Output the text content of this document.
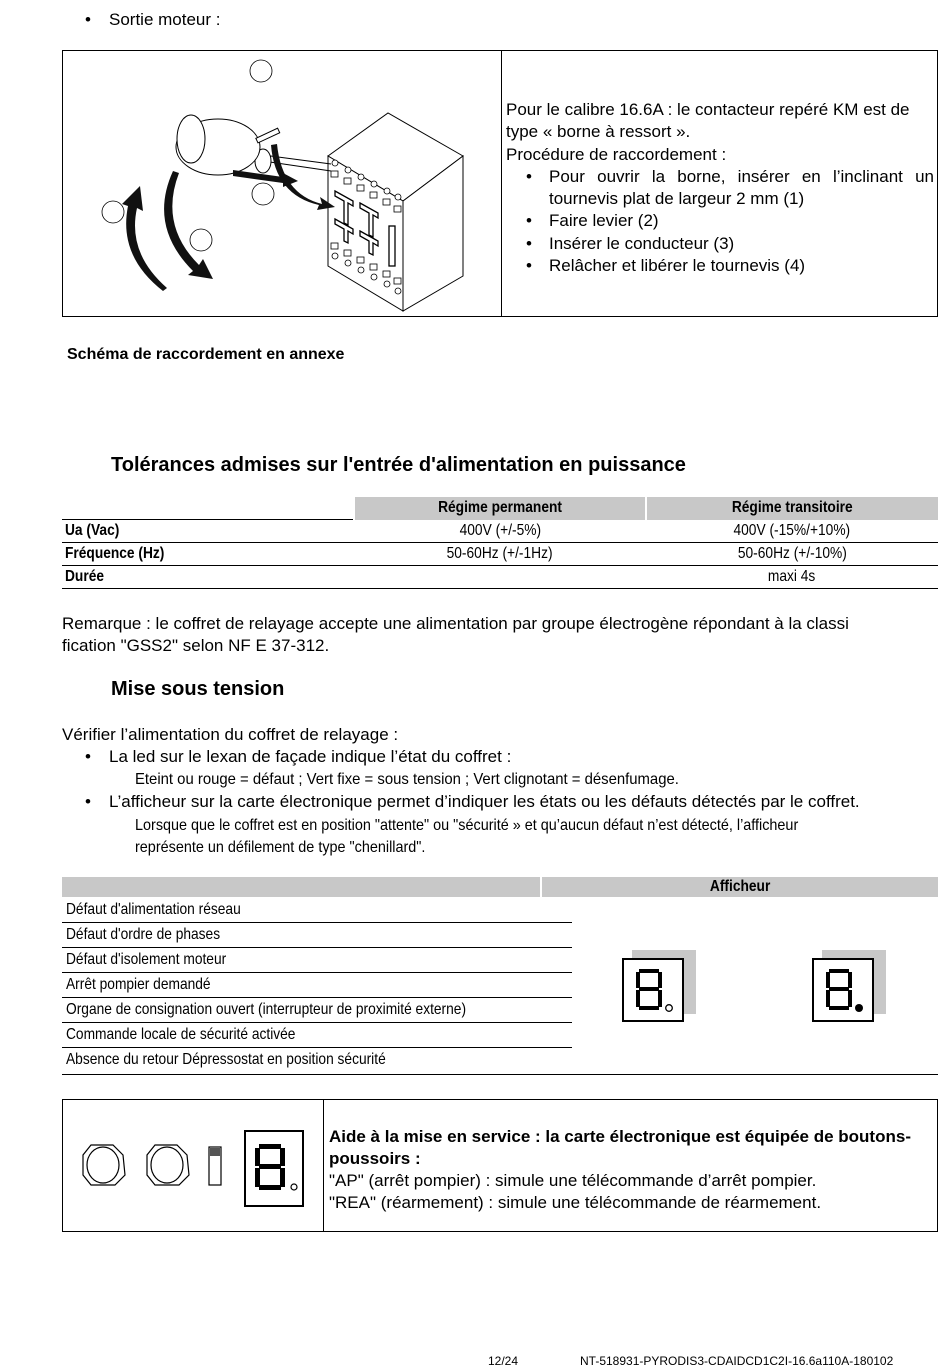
• Sortie moteur :
Pour le calibre 16.6A : le contacteur repéré KM est de type « borne à ressort ».
Procédure de raccordement :
• Pour ouvrir la borne, insérer en l’inclinant un tournevis plat de largeur 2 mm (1)
• Faire levier (2)
• Insérer le conducteur (3)
• Relâcher et libérer le tournevis (4)
Schéma de raccordement en annexe
Tolérances admises sur l'entrée d'alimentation en puissance
	Régime permanent	Régime transitoire
Ua (Vac)	400V (+/-5%)	400V (-15%/+10%)
Fréquence (Hz)	50-60Hz (+/-1Hz)	50-60Hz (+/-10%)
Durée		maxi 4s
Remarque : le coffret de relayage accepte une alimentation par groupe électrogène répondant à la classi
fication "GSS2" selon NF E 37-312.
Mise sous tension
Vérifier l’alimentation du coffret de relayage :
• La led sur le lexan de façade indique l’état du coffret :
Eteint ou rouge = défaut ; Vert fixe = sous tension ; Vert clignotant = désenfumage.
• L’afficheur sur la carte électronique permet d’indiquer les états ou les défauts détectés par le coffret.
Lorsque que le coffret est en position "attente" ou "sécurité » et qu’aucun défaut n’est détecté, l’afficheur
représente un défilement de type "chenillard".
Afficheur
Défaut d'alimentation réseau
Défaut d'ordre de phases
Défaut d'isolement moteur
Arrêt pompier demandé
Organe de consignation ouvert (interrupteur de proximité externe)
Commande locale de sécurité activée
Absence du retour Dépressostat en position sécurité
Aide à la mise en service : la carte électronique est équipée de boutons-poussoirs :
"AP" (arrêt pompier) : simule une télécommande d’arrêt pompier.
"REA" (réarmement) : simule une télécommande de réarmement.
12/24	NT-518931-PYRODIS3-CDAIDCD1C2I-16.6a110A-180102
